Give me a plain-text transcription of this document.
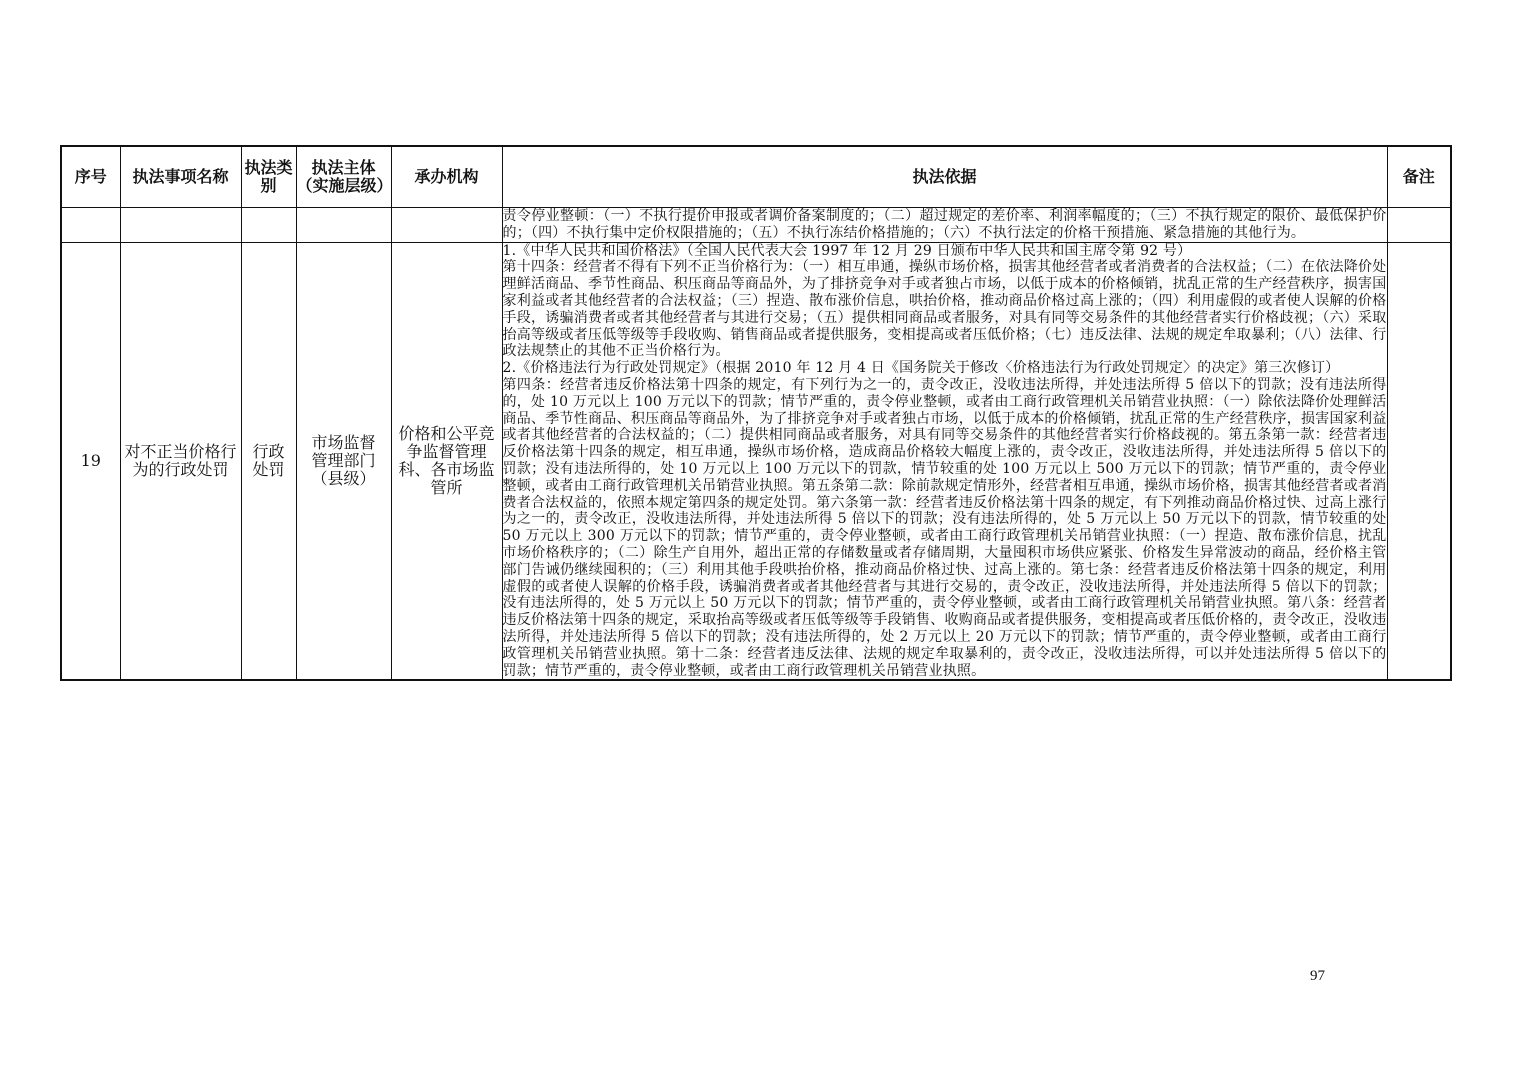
序号	执法事项名称	执法类别	执法主体（实施层级）	承办机构	执法依据	备注
					责令停业整顿：（一）不执行提价申报或者调价备案制度的；（二）超过规定的差价率、利润率幅度的；（三）不执行规定的限价、最低保护价的；（四）不执行集中定价权限措施的；（五）不执行冻结价格措施的；（六）不执行法定的价格干预措施、紧急措施的其他行为。	
19	对不正当价格行为的行政处罚	行政处罚	市场监督管理部门（县级）	价格和公平竞争监督管理科、各市场监管所	1.《中华人民共和国价格法》（全国人民代表大会 1997 年 12 月 29 日颁布中华人民共和国主席令第 92 号）

第十四条：经营者不得有下列不正当价格行为：（一）相互串通，操纵市场价格，损害其他经营者或者消费者的合法权益；（二）在依法降价处理鲜活商品、季节性商品、积压商品等商品外，为了排挤竞争对手或者独占市场，以低于成本的价格倾销，扰乱正常的生产经营秩序，损害国家利益或者其他经营者的合法权益；（三）捏造、散布涨价信息，哄抬价格，推动商品价格过高上涨的；（四）利用虚假的或者使人误解的价格手段，诱骗消费者或者其他经营者与其进行交易；（五）提供相同商品或者服务，对具有同等交易条件的其他经营者实行价格歧视；（六）采取抬高等级或者压低等级等手段收购、销售商品或者提供服务，变相提高或者压低价格；（七）违反法律、法规的规定牟取暴利；（八）法律、行政法规禁止的其他不正当价格行为。

2.《价格违法行为行政处罚规定》（根据 2010 年 12 月 4 日《国务院关于修改〈价格违法行为行政处罚规定〉的决定》第三次修订）

第四条：经营者违反价格法第十四条的规定，有下列行为之一的，责令改正，没收违法所得，并处违法所得 5 倍以下的罚款；没有违法所得的，处 10 万元以上 100 万元以下的罚款；情节严重的，责令停业整顿，或者由工商行政管理机关吊销营业执照：（一）除依法降价处理鲜活商品、季节性商品、积压商品等商品外，为了排挤竞争对手或者独占市场，以低于成本的价格倾销，扰乱正常的生产经营秩序，损害国家利益或者其他经营者的合法权益的；（二）提供相同商品或者服务，对具有同等交易条件的其他经营者实行价格歧视的。第五条第一款：经营者违反价格法第十四条的规定，相互串通，操纵市场价格，造成商品价格较大幅度上涨的，责令改正，没收违法所得，并处违法所得 5 倍以下的罚款；没有违法所得的，处 10 万元以上 100 万元以下的罚款，情节较重的处 100 万元以上 500 万元以下的罚款；情节严重的，责令停业整顿，或者由工商行政管理机关吊销营业执照。第五条第二款：除前款规定情形外，经营者相互串通，操纵市场价格，损害其他经营者或者消费者合法权益的，依照本规定第四条的规定处罚。第六条第一款：经营者违反价格法第十四条的规定，有下列推动商品价格过快、过高上涨行为之一的，责令改正，没收违法所得，并处违法所得 5 倍以下的罚款；没有违法所得的，处 5 万元以上 50 万元以下的罚款，情节较重的处 50 万元以上 300 万元以下的罚款；情节严重的，责令停业整顿，或者由工商行政管理机关吊销营业执照：（一）捏造、散布涨价信息，扰乱市场价格秩序的；（二）除生产自用外，超出正常的存储数量或者存储周期，大量囤积市场供应紧张、价格发生异常波动的商品，经价格主管部门告诫仍继续囤积的；（三）利用其他手段哄抬价格，推动商品价格过快、过高上涨的。第七条：经营者违反价格法第十四条的规定，利用虚假的或者使人误解的价格手段，诱骗消费者或者其他经营者与其进行交易的，责令改正，没收违法所得，并处违法所得 5 倍以下的罚款；没有违法所得的，处 5 万元以上 50 万元以下的罚款；情节严重的，责令停业整顿，或者由工商行政管理机关吊销营业执照。第八条：经营者违反价格法第十四条的规定，采取抬高等级或者压低等级等手段销售、收购商品或者提供服务，变相提高或者压低价格的，责令改正，没收违法所得，并处违法所得 5 倍以下的罚款；没有违法所得的，处 2 万元以上 20 万元以下的罚款；情节严重的，责令停业整顿，或者由工商行政管理机关吊销营业执照。第十二条：经营者违反法律、法规的规定牟取暴利的，责令改正，没收违法所得，可以并处违法所得 5 倍以下的罚款；情节严重的，责令停业整顿，或者由工商行政管理机关吊销营业执照。	

97
